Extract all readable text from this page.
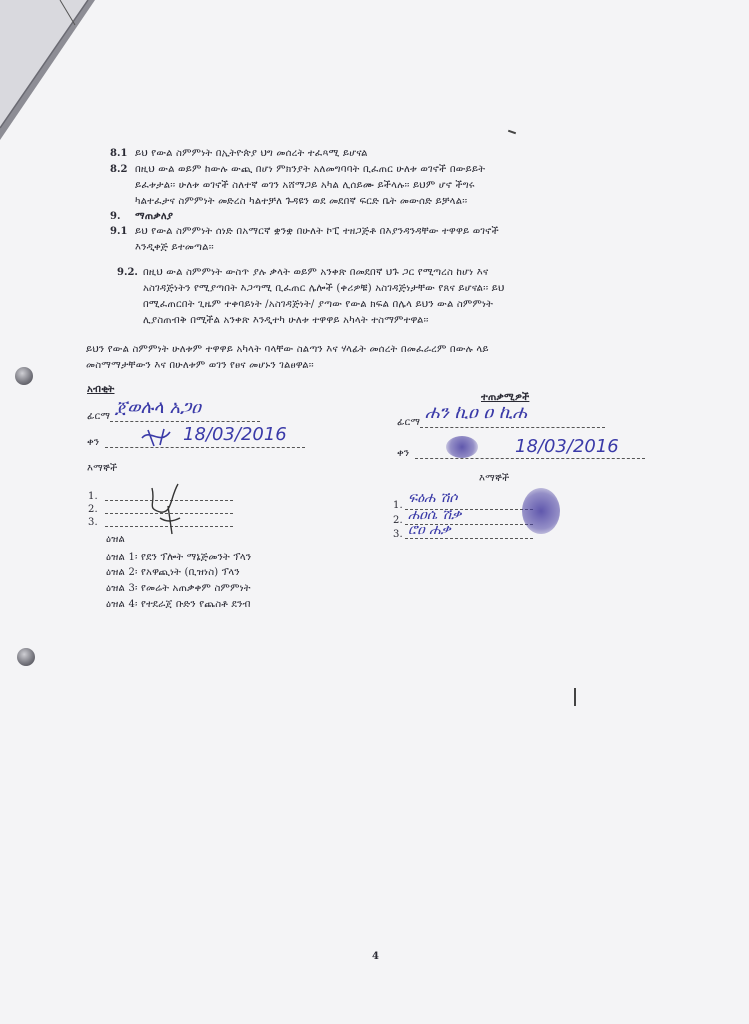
8.1 ይህ የውል ስምምነት በኢትዮጵያ ህግ መሰረት ተፈጻሚ ይሆናል
8.2 በዚህ ውል ወይም ከውሉ ውጪ በሆነ ምክንያት አለመግባባት ቢፈጠር ሁለቱ ወገኖች በውይይት
ይፈቱታል፡፡ ሁለቱ ወገኖች ስለተኛ ወገን አሸማጋይ አካል ሊሰይሙ ይችላሉ፡፡ ይህም ሆኖ ችግሩ
ካልተፈታና ስምምነት መድረስ ካልተቻለ ጉዳዩን ወደ መደበኛ ፍርድ ቤት መውሰድ ይቻላል፡፡
9. ማጠቃለያ
9.1 ይህ የውል ስምምነት ሰነድ በአማርኛ ቋንቋ በሁለት ኮፒ ተዘጋጅቶ በእያንዳንዳቸው ተዋዋይ ወገኖች
እንዲቀጅ ይተመጣል፡፡
9.2. በዚህ ውል ስምምነት ውስጥ ያሉ ቃላት ወይም አንቀጽ በመደበኛ ህጉ ጋር የሚጣረስ ከሆነ እና
አስገዳጅነትን የሚያጣበት እጋጣሚ ቢፈጠር ሌሎች (ቀሪዎቹ) አስገዳጅነታቸው የጸና ይሆናል፡፡ ይህ
በሚፈጠርበት ጊዜም ተቀባይነት /አስገዳጅነት/ ያጣው የውል ክፍል በሌላ ይህን ውል ስምምነት
ሊያስጠብቅ በሚችል አንቀጽ እንዲተካ ሁለቱ ተዋዋይ አካላት ተስማምተዋል፡፡
ይህን የውል ስምምነት ሁለቱም ተዋዋይ አካላት ባላቸው ስልጣን እና ሃላፊት መሰረት በመፈራረም በውሉ ላይ
መስማማታቸውን እና በሁለቱም ወገን የፀና መሆኑን ገልፀዋል፡፡
አብቂት
ፊርማ ጀወሉላ አጋዐ
ቀን	18/03/2016
እማኞች
1.
2.
3.
ዕዝል
ዕዝል 1፡ የደን ፕሎት ማኔጅመንት ፕላን
ዕዝል 2፡ የአዋጪነት (ቢዝነስ) ፕላን
ዕዝል 3፡ የመሬት አጠቃቀም ስምምነት
ዕዝል 4፡ የተደራጀ ቡድን የጨስቶ ደንብ
ተጠቃሚዎች
ፊርማ ሐን ኪዐ ዐ ኪሐ
ቀን	18/03/2016
እማኞች
1.
2.
3.
ፍዕሐ ሽሶ
ሐዐሴ ሽቃ
ሮዐ ሐቃ
4
